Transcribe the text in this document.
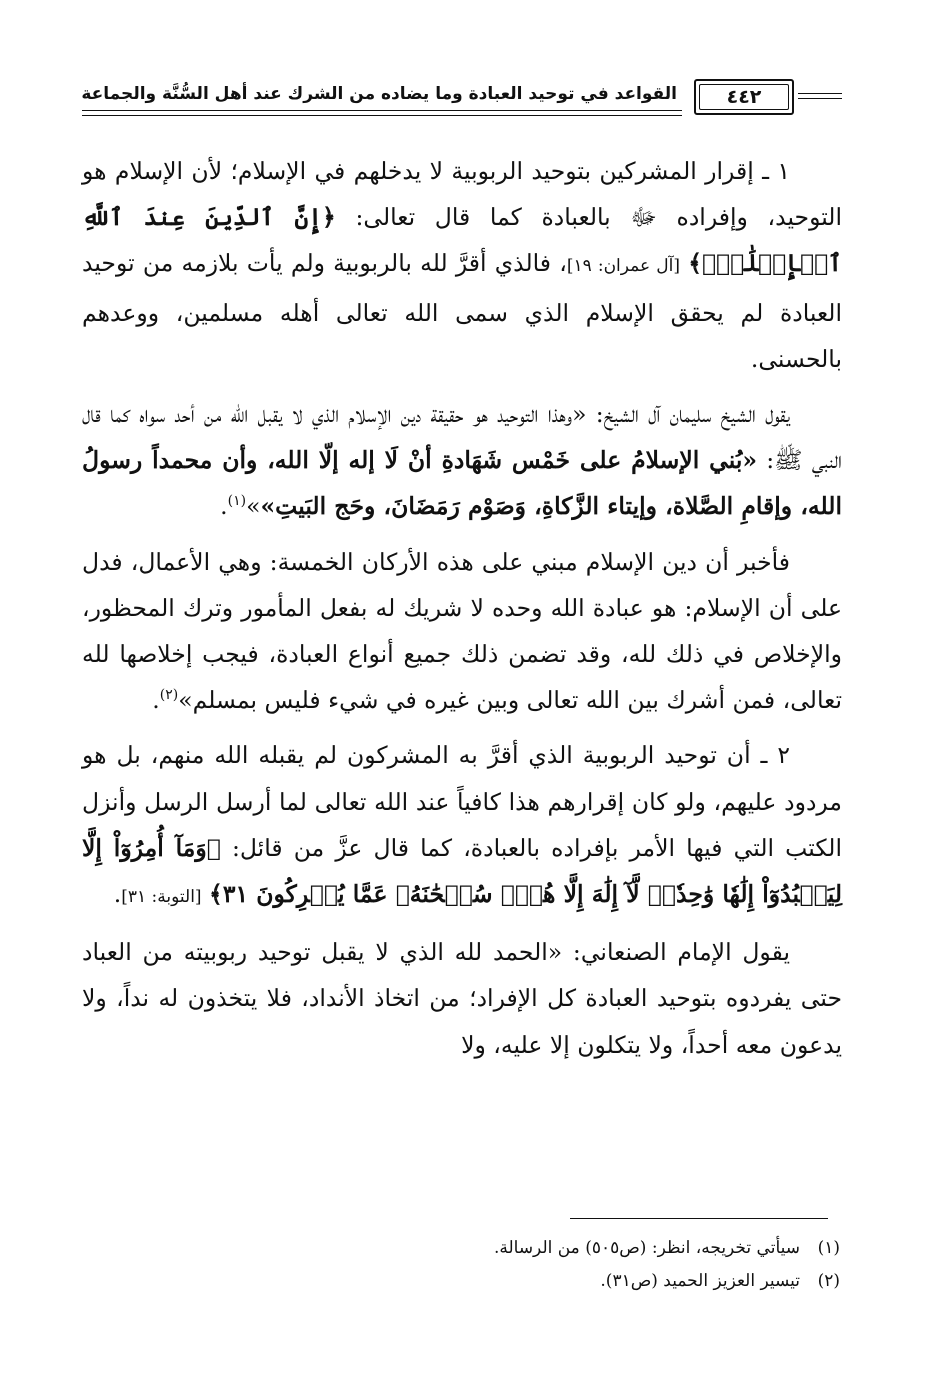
القواعد في توحيد العبادة وما يضاده من الشرك عند أهل السُّنَّة والجماعة	٤٤٢

١ ـ إقرار المشركين بتوحيد الربوبية لا يدخلهم في الإسلام؛ لأن الإسلام هو التوحيد، وإفراده ﷻ بالعبادة كما قال تعالى: ﴿إِنَّ ٱلدِّينَ عِندَ ٱللَّهِ ٱلۡإِسۡلَٰمُۗ﴾ [آل عمران: ١٩]، فالذي أقرَّ لله بالربوبية ولم يأت بلازمه من توحيد العبادة لم يحقق الإسلام الذي سمى الله تعالى أهله مسلمين، ووعدهم بالحسنى.

يقول الشيخ سليمان آل الشيخ: «وهذا التوحيد هو حقيقة دين الإسلام الذي لا يقبل الله من أحد سواه كما قال النبي ﷺ: «بُني الإسلامُ على خَمْس شَهَادةِ أنْ لَا إله إلّا الله، وأن محمداً رسولُ الله، وإقامِ الصَّلاة، وإيتاء الزَّكاةِ، وَصَوْم رَمَضَانَ، وحَج البَيتِ»»$^{(١)}$.

فأخبر أن دين الإسلام مبني على هذه الأركان الخمسة: وهي الأعمال، فدل على أن الإسلام: هو عبادة الله وحده لا شريك له بفعل المأمور وترك المحظور، والإخلاص في ذلك لله، وقد تضمن ذلك جميع أنواع العبادة، فيجب إخلاصها لله تعالى، فمن أشرك بين الله تعالى وبين غيره في شيء فليس بمسلم»$^{(٢)}$.

٢ ـ أن توحيد الربوبية الذي أقرَّ به المشركون لم يقبله الله منهم، بل هو مردود عليهم، ولو كان إقرارهم هذا كافياً عند الله تعالى لما أرسل الرسل وأنزل الكتب التي فيها الأمر بإفراده بالعبادة، كما قال عزَّ من قائل: ﴿وَمَآ أُمِرُوٓاْ إِلَّا لِيَعۡبُدُوٓاْ إِلَٰهٗا وَٰحِدٗاۖ لَّآ إِلَٰهَ إِلَّا هُوَۚ سُبۡحَٰنَهُۥ عَمَّا يُشۡرِكُونَ ٣١﴾ [التوبة: ٣١].

يقول الإمام الصنعاني: «الحمد لله الذي لا يقبل توحيد ربوبيته من العباد حتى يفردوه بتوحيد العبادة كل الإفراد؛ من اتخاذ الأنداد، فلا يتخذون له نداً، ولا يدعون معه أحداً، ولا يتكلون إلا عليه، ولا

(١)سيأتي تخريجه، انظر: (ص٥٠٥) من الرسالة.
(٢)تيسير العزيز الحميد (ص٣١).
